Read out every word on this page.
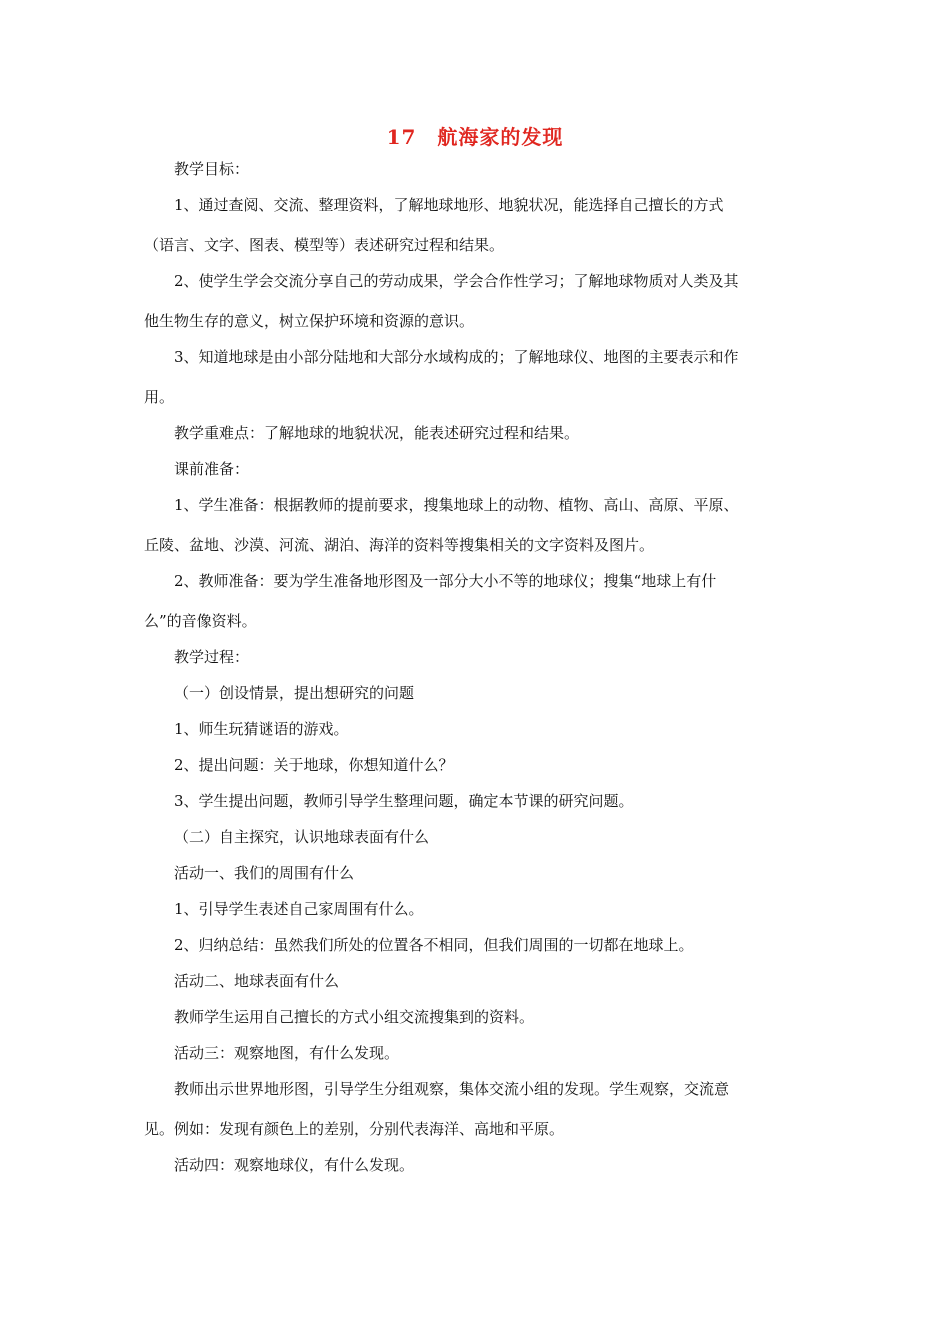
17　航海家的发现

教学目标：

1、通过查阅、交流、整理资料，了解地球地形、地貌状况，能选择自己擅长的方式
（语言、文字、图表、模型等）表述研究过程和结果。

2、使学生学会交流分享自己的劳动成果，学会合作性学习；了解地球物质对人类及其
他生物生存的意义，树立保护环境和资源的意识。

3、知道地球是由小部分陆地和大部分水域构成的；了解地球仪、地图的主要表示和作
用。

教学重难点：了解地球的地貌状况，能表述研究过程和结果。

课前准备：

1、学生准备：根据教师的提前要求，搜集地球上的动物、植物、高山、高原、平原、
丘陵、盆地、沙漠、河流、湖泊、海洋的资料等搜集相关的文字资料及图片。

2、教师准备：要为学生准备地形图及一部分大小不等的地球仪；搜集“地球上有什
么”的音像资料。

教学过程：

（一）创设情景，提出想研究的问题

1、师生玩猜谜语的游戏。

2、提出问题：关于地球，你想知道什么？

3、学生提出问题，教师引导学生整理问题，确定本节课的研究问题。

（二）自主探究，认识地球表面有什么

活动一、我们的周围有什么

1、引导学生表述自己家周围有什么。

2、归纳总结：虽然我们所处的位置各不相同，但我们周围的一切都在地球上。

活动二、地球表面有什么

教师学生运用自己擅长的方式小组交流搜集到的资料。

活动三：观察地图，有什么发现。

教师出示世界地形图，引导学生分组观察，集体交流小组的发现。学生观察，交流意
见。例如：发现有颜色上的差别，分别代表海洋、高地和平原。

活动四：观察地球仪，有什么发现。
